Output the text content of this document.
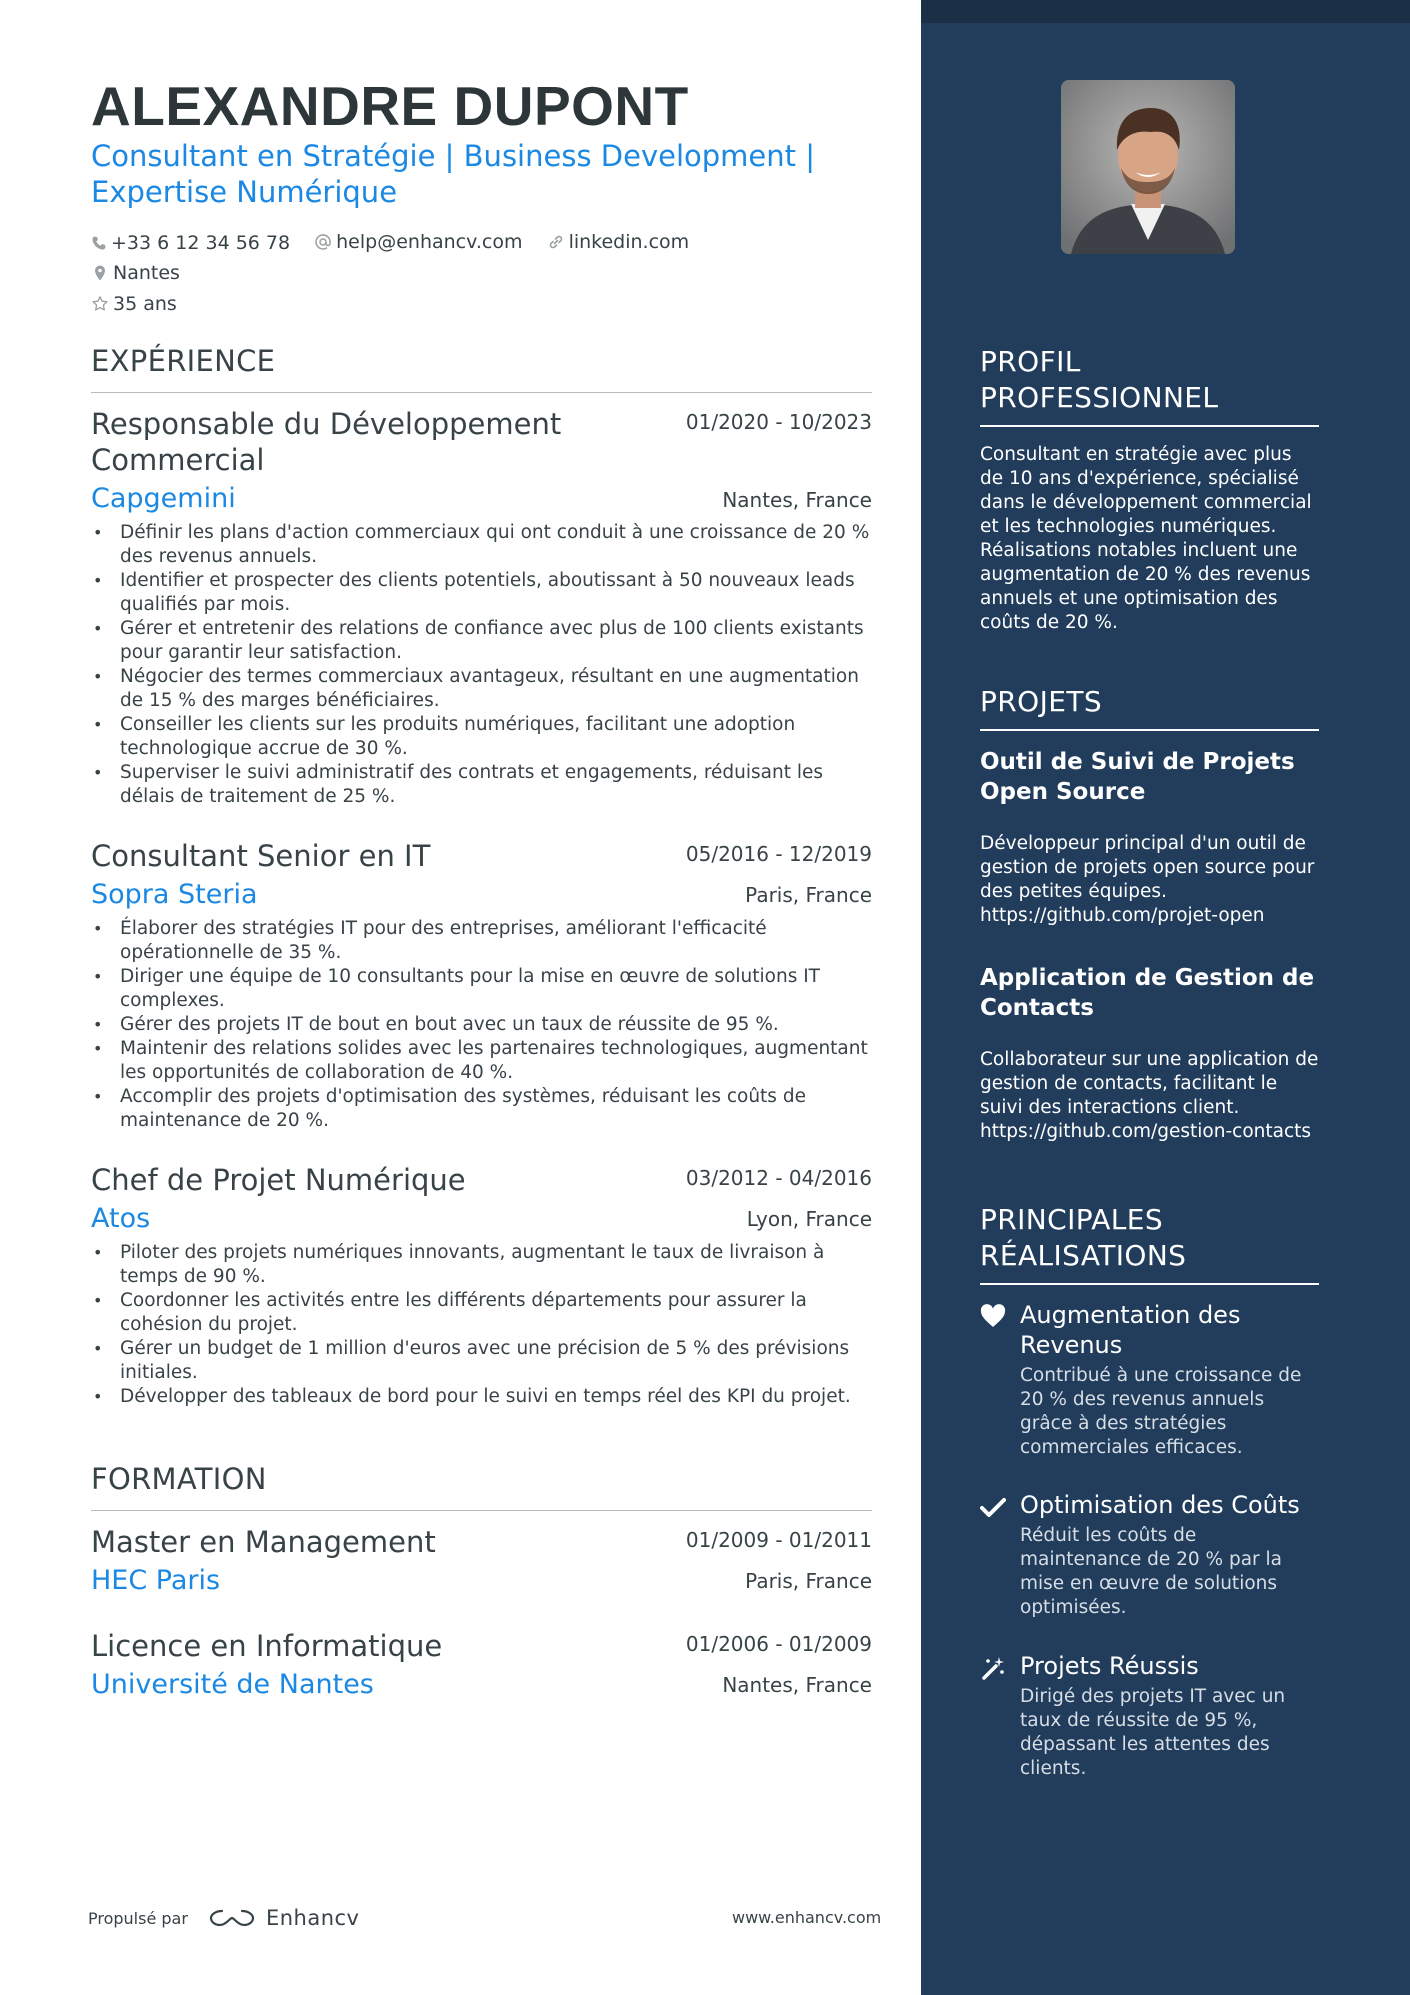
ALEXANDRE DUPONT
Consultant en Stratégie | Business Development | Expertise Numérique
+33 6 12 34 56 78
help@enhancv.com
linkedin.com

Nantes

35 ans
EXPÉRIENCE
Responsable du Développement Commercial
01/2020 - 10/2023
Capgemini	Nantes, France
• Définir les plans d'action commerciaux qui ont conduit à une croissance de 20 % des revenus annuels.
• Identifier et prospecter des clients potentiels, aboutissant à 50 nouveaux leads qualifiés par mois.
• Gérer et entretenir des relations de confiance avec plus de 100 clients existants pour garantir leur satisfaction.
• Négocier des termes commerciaux avantageux, résultant en une augmentation de 15 % des marges bénéficiaires.
• Conseiller les clients sur les produits numériques, facilitant une adoption technologique accrue de 30 %.
• Superviser le suivi administratif des contrats et engagements, réduisant les délais de traitement de 25 %.
Consultant Senior en IT	05/2016 - 12/2019
Sopra Steria	Paris, France
• Élaborer des stratégies IT pour des entreprises, améliorant l'efficacité opérationnelle de 35 %.
• Diriger une équipe de 10 consultants pour la mise en œuvre de solutions IT complexes.
• Gérer des projets IT de bout en bout avec un taux de réussite de 95 %.
• Maintenir des relations solides avec les partenaires technologiques, augmentant les opportunités de collaboration de 40 %.
• Accomplir des projets d'optimisation des systèmes, réduisant les coûts de maintenance de 20 %.
Chef de Projet Numérique	03/2012 - 04/2016
Atos	Lyon, France
• Piloter des projets numériques innovants, augmentant le taux de livraison à temps de 90 %.
• Coordonner les activités entre les différents départements pour assurer la cohésion du projet.
• Gérer un budget de 1 million d'euros avec une précision de 5 % des prévisions initiales.
• Développer des tableaux de bord pour le suivi en temps réel des KPI du projet.
FORMATION
Master en Management	01/2009 - 01/2011
HEC Paris	Paris, France
Licence en Informatique	01/2006 - 01/2009
Université de Nantes	Nantes, France
PROFIL PROFESSIONNEL
Consultant en stratégie avec plus de 10 ans d'expérience, spécialisé dans le développement commercial et les technologies numériques. Réalisations notables incluent une augmentation de 20 % des revenus annuels et une optimisation des coûts de 20 %.
PROJETS
Outil de Suivi de Projets Open Source
Développeur principal d'un outil de gestion de projets open source pour des petites équipes.
https://github.com/projet-open
Application de Gestion de Contacts
Collaborateur sur une application de gestion de contacts, facilitant le suivi des interactions client.
https://github.com/gestion-contacts
PRINCIPALES RÉALISATIONS
Augmentation des Revenus
Contribué à une croissance de 20 % des revenus annuels grâce à des stratégies commerciales efficaces.
Optimisation des Coûts
Réduit les coûts de maintenance de 20 % par la mise en œuvre de solutions optimisées.
Projets Réussis
Dirigé des projets IT avec un taux de réussite de 95 %, dépassant les attentes des clients.
Propulsé par	Enhancv	www.enhancv.com
